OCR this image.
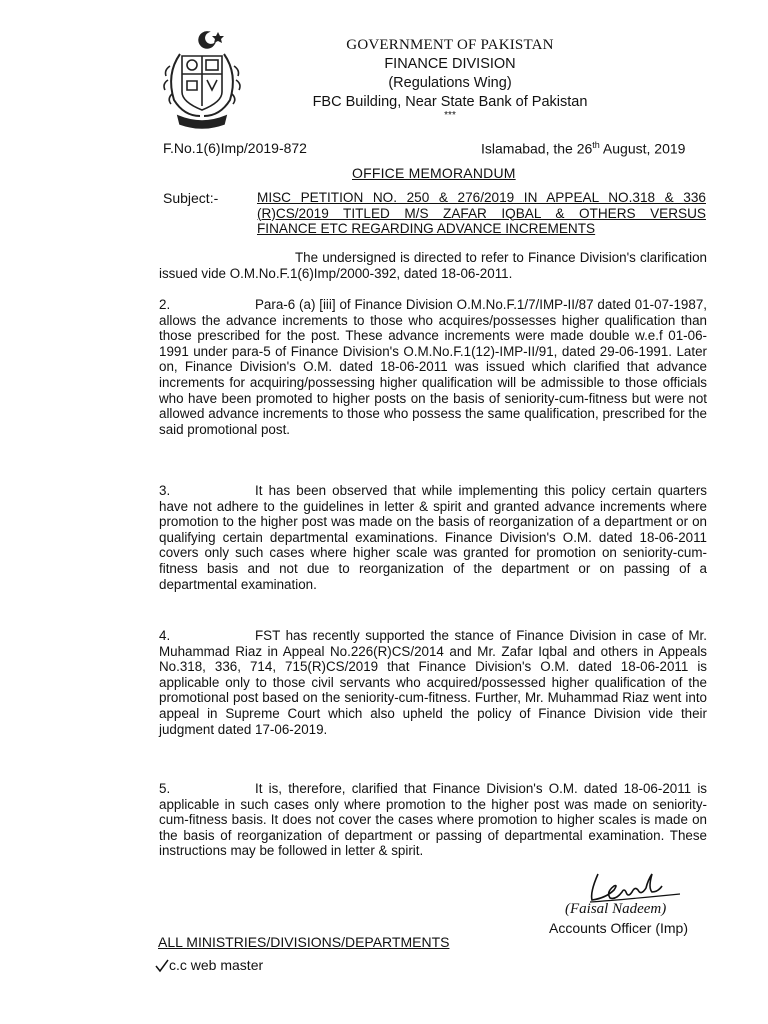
GOVERNMENT OF PAKISTAN
FINANCE DIVISION
(Regulations Wing)
FBC Building, Near State Bank of Pakistan
***
F.No.1(6)Imp/2019-872	Islamabad, the 26th August, 2019
OFFICE MEMORANDUM
Subject:-	MISC PETITION NO. 250 & 276/2019 IN APPEAL NO.318 & 336 (R)CS/2019 TITLED M/S ZAFAR IQBAL & OTHERS VERSUS
FINANCE ETC REGARDING ADVANCE INCREMENTS
The undersigned is directed to refer to Finance Division's clarification issued vide O.M.No.F.1(6)Imp/2000-392, dated 18-06-2011.
2.	Para-6 (a) [iii] of Finance Division O.M.No.F.1/7/IMP-II/87 dated 01-07-1987, allows the advance increments to those who acquires/possesses higher qualification than those prescribed for the post. These advance increments were made double w.e.f 01-06-1991 under para-5 of Finance Division's O.M.No.F.1(12)-IMP-II/91, dated 29-06-1991. Later on, Finance Division's O.M. dated 18-06-2011 was issued which clarified that advance increments for acquiring/possessing higher qualification will be admissible to those officials who have been promoted to higher posts on the basis of seniority-cum-fitness but were not allowed advance increments to those who possess the same qualification, prescribed for the said promotional post.
3.	It has been observed that while implementing this policy certain quarters have not adhere to the guidelines in letter & spirit and granted advance increments where promotion to the higher post was made on the basis of reorganization of a department or on qualifying certain departmental examinations. Finance Division's O.M. dated 18-06-2011 covers only such cases where higher scale was granted for promotion on seniority-cum-fitness basis and not due to reorganization of the department or on passing of a departmental examination.
4.	FST has recently supported the stance of Finance Division in case of Mr. Muhammad Riaz in Appeal No.226(R)CS/2014 and Mr. Zafar Iqbal and others in Appeals No.318, 336, 714, 715(R)CS/2019 that Finance Division's O.M. dated 18-06-2011 is applicable only to those civil servants who acquired/possessed higher qualification of the promotional post based on the seniority-cum-fitness. Further, Mr. Muhammad Riaz went into appeal in Supreme Court which also upheld the policy of Finance Division vide their judgment dated 17-06-2019.
5.	It is, therefore, clarified that Finance Division's O.M. dated 18-06-2011 is applicable in such cases only where promotion to the higher post was made on seniority-cum-fitness basis. It does not cover the cases where promotion to higher scales is made on the basis of reorganization of department or passing of departmental examination. These instructions may be followed in letter & spirit.
(Faisal Nadeem)
Accounts Officer (Imp)
ALL MINISTRIES/DIVISIONS/DEPARTMENTS
c.c web master
